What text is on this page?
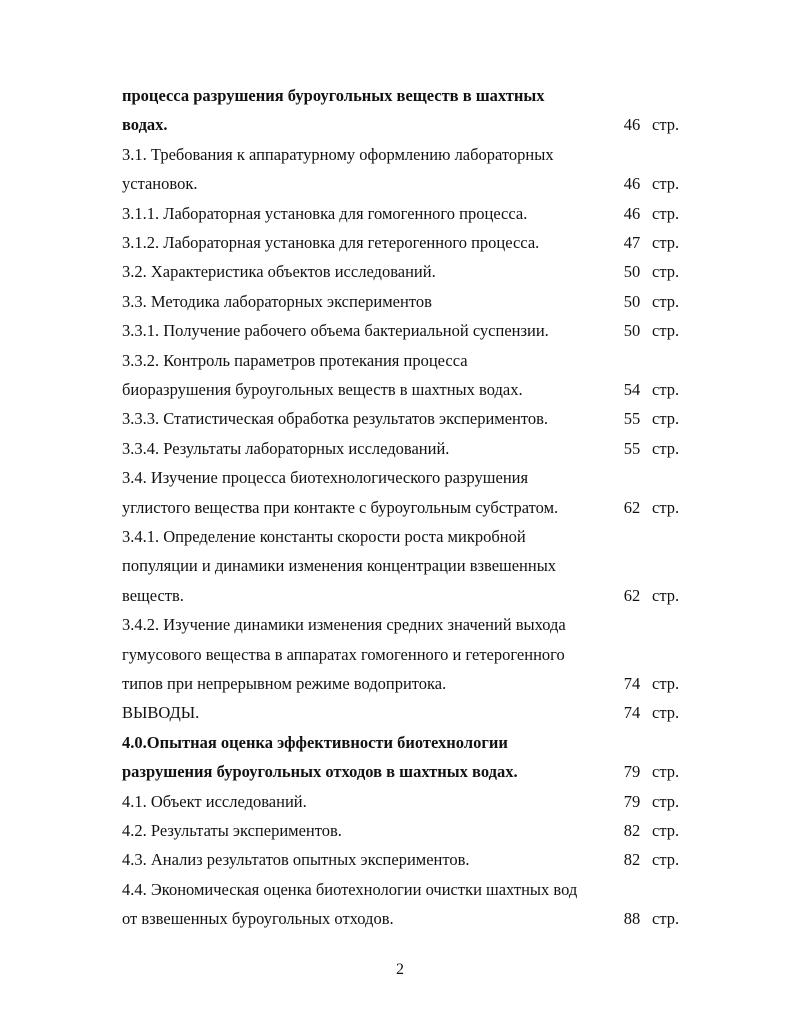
процесса разрушения буроугольных веществ в шахтных
водах.	46 стр.
3.1. Требования к аппаратурному оформлению лабораторных
установок.	46 стр.
3.1.1. Лабораторная установка для гомогенного процесса.	46 стр.
3.1.2. Лабораторная установка для гетерогенного процесса.	47 стр.
3.2. Характеристика объектов исследований.	50 стр.
3.3. Методика лабораторных экспериментов	50 стр.
3.3.1. Получение рабочего объема бактериальной суспензии.	50 стр.
3.3.2. Контроль параметров протекания процесса
биоразрушения буроугольных веществ в шахтных водах.	54 стр.
3.3.3. Статистическая обработка результатов экспериментов.	55 стр.
3.3.4. Результаты лабораторных исследований.	55 стр.
3.4. Изучение процесса биотехнологического разрушения
углистого вещества при контакте с буроугольным субстратом.	62 стр.
3.4.1. Определение константы скорости роста микробной
популяции и динамики изменения концентрации взвешенных
веществ.	62 стр.
3.4.2. Изучение динамики изменения средних значений выхода
гумусового вещества в аппаратах гомогенного и гетерогенного
типов при непрерывном режиме водопритока.	74 стр.
ВЫВОДЫ.	74 стр.
4.0.Опытная оценка эффективности биотехнологии
разрушения буроугольных отходов в шахтных водах.	79 стр.
4.1. Объект исследований.	79 стр.
4.2. Результаты экспериментов.	82 стр.
4.3. Анализ результатов опытных экспериментов.	82 стр.
4.4. Экономическая оценка биотехнологии очистки шахтных вод
от взвешенных буроугольных отходов.	88 стр.
2
